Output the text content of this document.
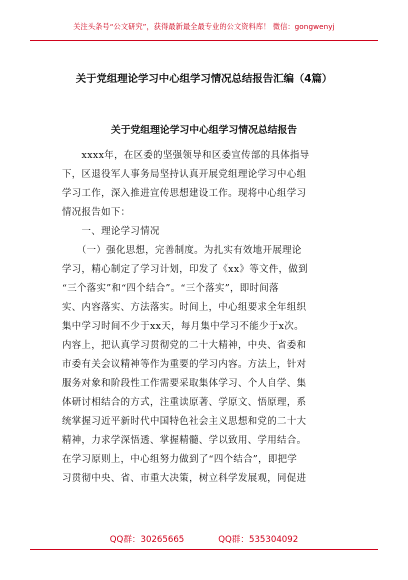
关注头条号“公文研究”，获得最新最全最专业的公文资料库！ 微信：gongwenyj
关于党组理论学习中心组学习情况总结报告汇编（4篇）
关于党组理论学习中心组学习情况总结报告
　　xxxx年，在区委的坚强领导和区委宣传部的具体指导
下，区退役军人事务局坚持认真开展党组理论学习中心组
学习工作，深入推进宣传思想建设工作。现将中心组学习
情况报告如下：
　　一、理论学习情况
　　（一）强化思想，完善制度。为扎实有效地开展理论
学习，精心制定了学习计划，印发了《xx》等文件，做到
“三个落实”和“四个结合”。“三个落实”，即时间落
实、内容落实、方法落实。时间上，中心组要求全年组织
集中学习时间不少于xx天，每月集中学习不能少于x次。
内容上，把认真学习贯彻党的二十大精神，中央、省委和
市委有关会议精神等作为重要的学习内容。方法上，针对
服务对象和阶段性工作需要采取集体学习、个人自学、集
体研讨相结合的方式，注重读原著、学原文、悟原理，系
统掌握习近平新时代中国特色社会主义思想和党的二十大
精神，力求学深悟透、掌握精髓、学以致用、学用结合。
在学习原则上，中心组努力做到了“四个结合”，即把学
习贯彻中央、省、市重大决策，树立科学发展观，同促进
QQ群：30265665	QQ群：535304092
